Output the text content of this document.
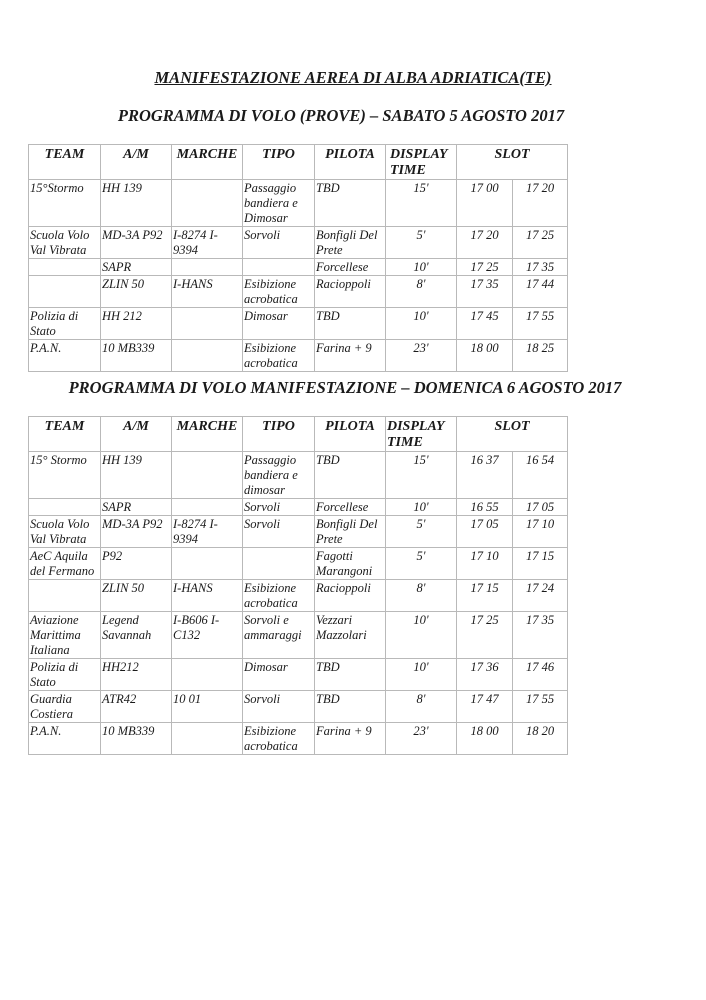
MANIFESTAZIONE AEREA DI ALBA ADRIATICA(TE)
PROGRAMMA DI VOLO (PROVE) – SABATO 5 AGOSTO 2017
TEAM	A/M	MARCHE	TIPO	PILOTA	DISPLAY TIME	SLOT	
15°Stormo	HH 139		Passaggio bandiera e Dimosar	TBD	15'	17 00	17 20
Scuola Volo Val Vibrata	MD-3A P92	I-8274 I-9394	Sorvoli	Bonfigli Del Prete	5'	17 20	17 25
	SAPR			Forcellese	10'	17 25	17 35
	ZLIN 50	I-HANS	Esibizione acrobatica	Racioppoli	8'	17 35	17 44
Polizia di Stato	HH 212		Dimosar	TBD	10'	17 45	17 55
P.A.N.	10 MB339		Esibizione acrobatica	Farina + 9	23'	18 00	18 25
PROGRAMMA DI VOLO MANIFESTAZIONE – DOMENICA 6 AGOSTO 2017
TEAM	A/M	MARCHE	TIPO	PILOTA	DISPLAY TIME	SLOT	
15° Stormo	HH 139		Passaggio bandiera e dimosar	TBD	15'	16 37	16 54
	SAPR		Sorvoli	Forcellese	10'	16 55	17 05
Scuola Volo Val Vibrata	MD-3A P92	I-8274 I-9394	Sorvoli	Bonfigli Del Prete	5'	17 05	17 10
AeC Aquila del Fermano	P92			Fagotti Marangoni	5'	17 10	17 15
	ZLIN 50	I-HANS	Esibizione acrobatica	Racioppoli	8'	17 15	17 24
Aviazione Marittima Italiana	Legend Savannah	I-B606 I-C132	Sorvoli e ammaraggi	Vezzari Mazzolari	10'	17 25	17 35
Polizia di Stato	HH212		Dimosar	TBD	10'	17 36	17 46
Guardia Costiera	ATR42	10 01	Sorvoli	TBD	8'	17 47	17 55
P.A.N.	10 MB339		Esibizione acrobatica	Farina + 9	23'	18 00	18 20
